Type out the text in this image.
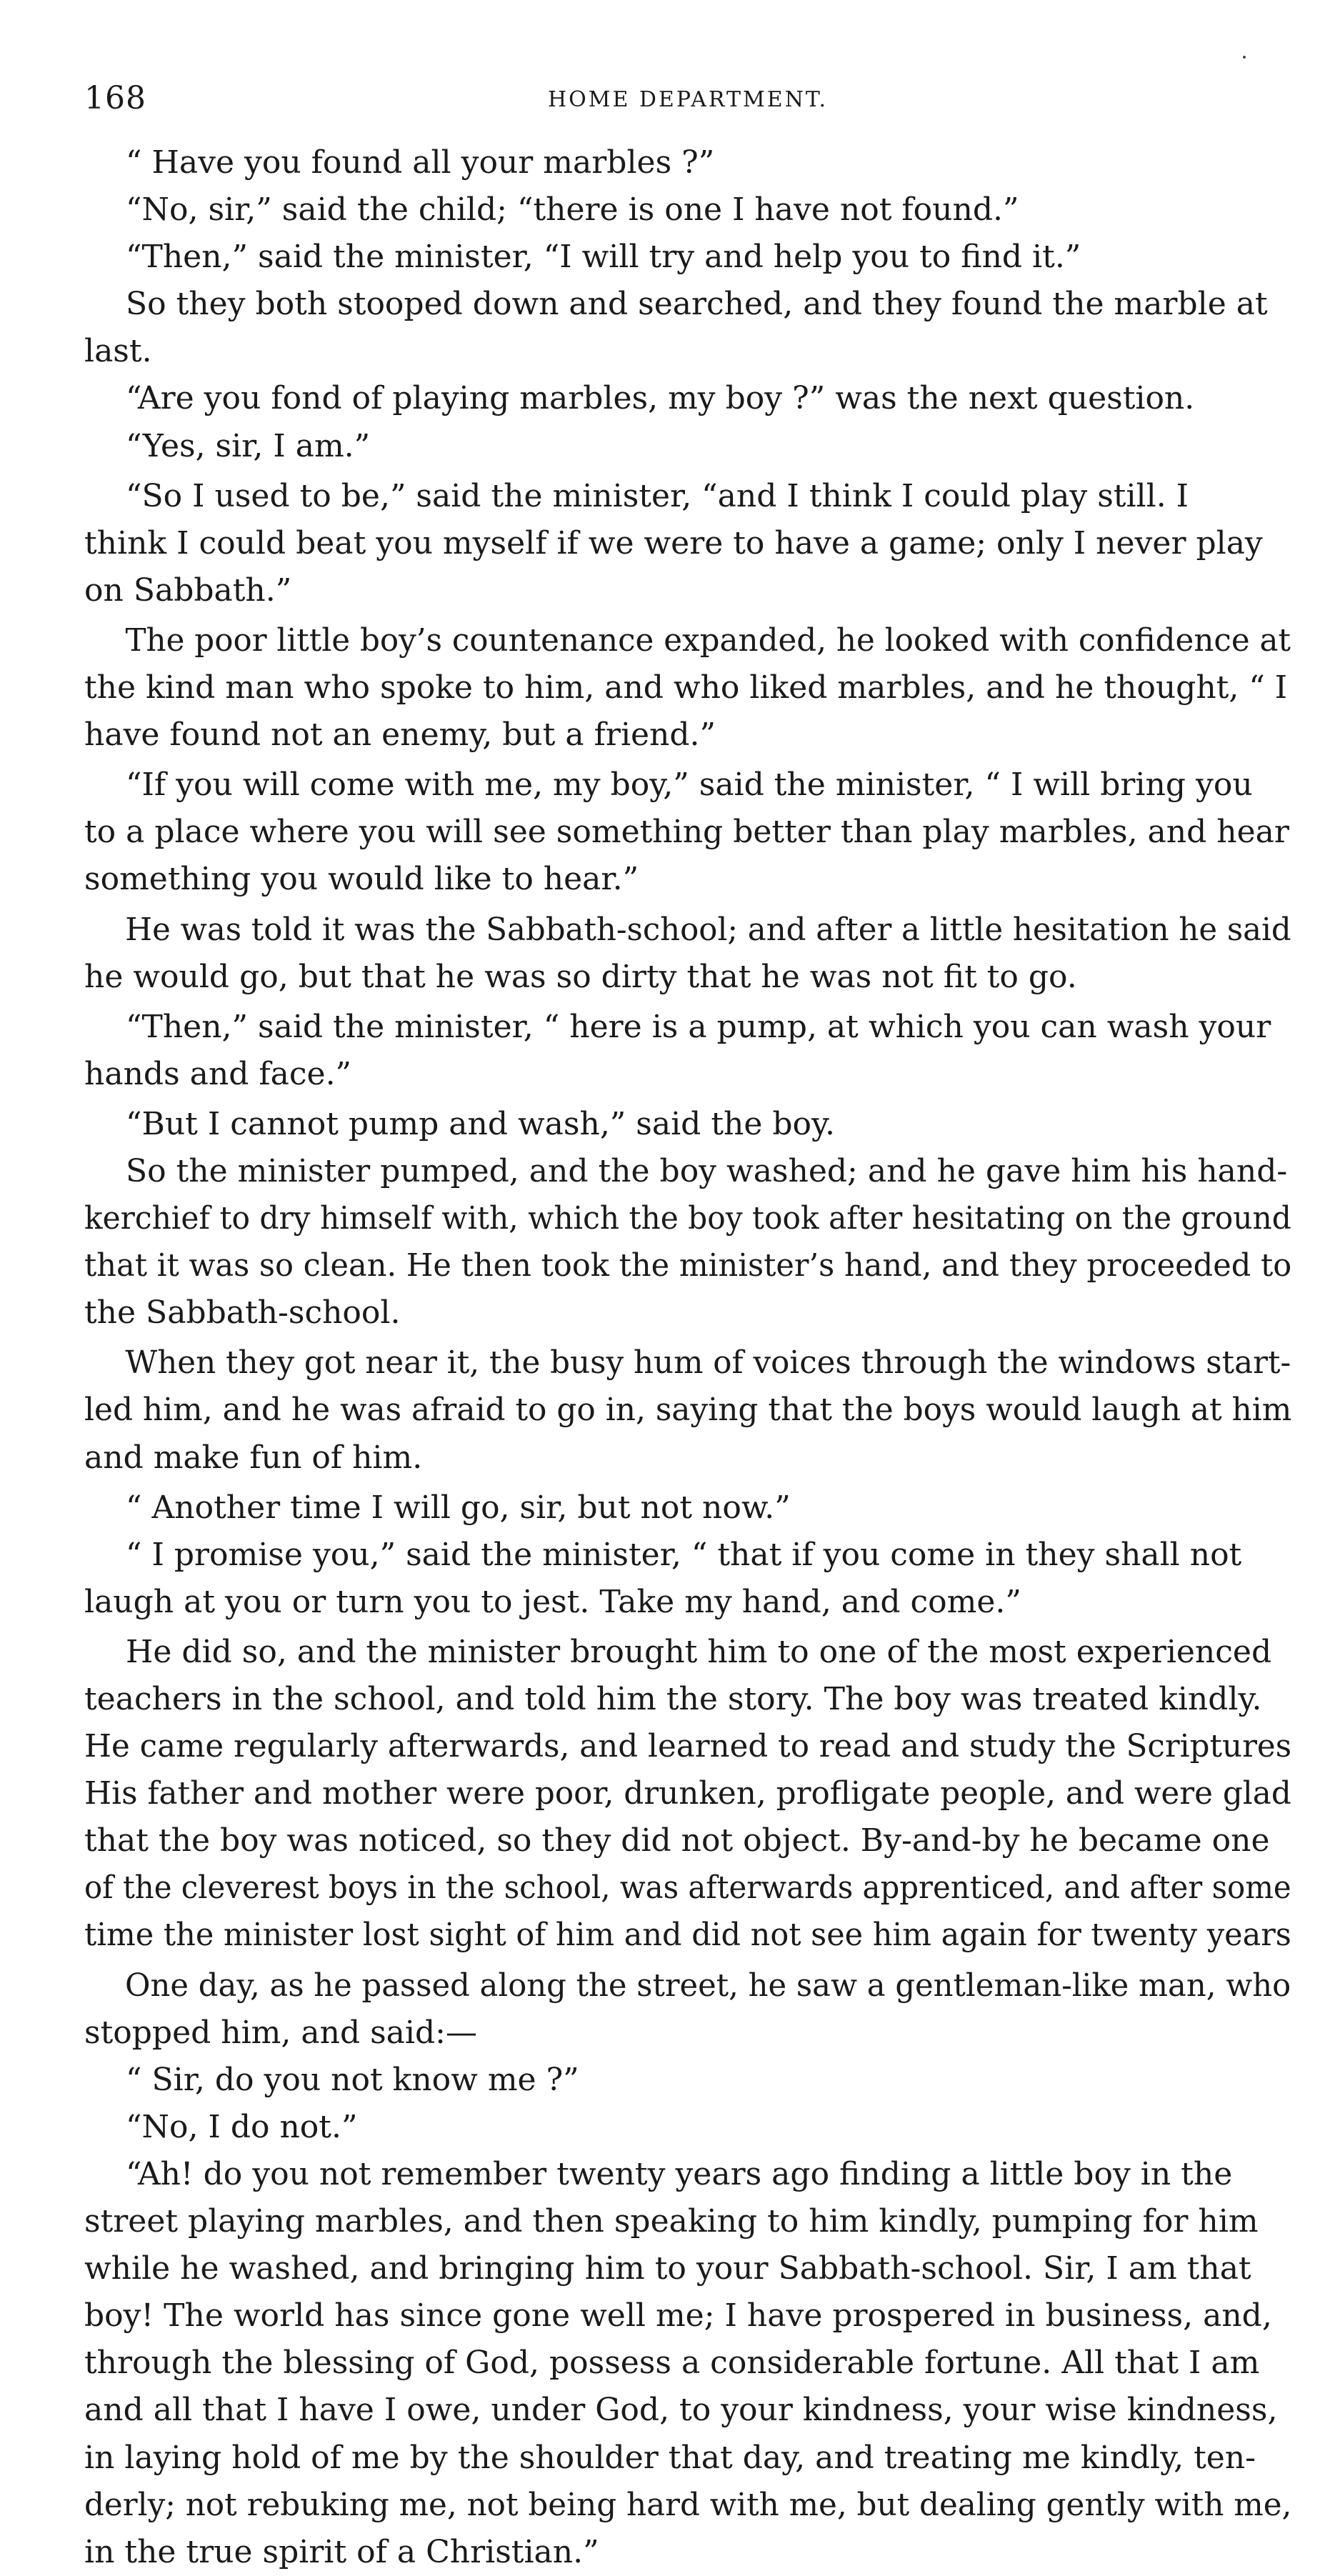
168	HOME DEPARTMENT.
“ Have you found all your marbles ?”
“No, sir,” said the child; “there is one I have not found.”
“Then,” said the minister, “I will try and help you to find it.”
So they both stooped down and searched, and they found the marble at
last.
“Are you fond of playing marbles, my boy ?” was the next question.
“Yes, sir, I am.”
“So I used to be,” said the minister, “and I think I could play still. I
think I could beat you myself if we were to have a game; only I never play
on Sabbath.”
The poor little boy’s countenance expanded, he looked with confidence at
the kind man who spoke to him, and who liked marbles, and he thought, “ I
have found not an enemy, but a friend.”
“If you will come with me, my boy,” said the minister, “ I will bring you
to a place where you will see something better than play marbles, and hear
something you would like to hear.”
He was told it was the Sabbath-school; and after a little hesitation he said
he would go, but that he was so dirty that he was not fit to go.
“Then,” said the minister, “ here is a pump, at which you can wash your
hands and face.”
“But I cannot pump and wash,” said the boy.
So the minister pumped, and the boy washed; and he gave him his hand-
kerchief to dry himself with, which the boy took after hesitating on the ground
that it was so clean. He then took the minister’s hand, and they proceeded to
the Sabbath-school.
When they got near it, the busy hum of voices through the windows start-
led him, and he was afraid to go in, saying that the boys would laugh at him
and make fun of him.
“ Another time I will go, sir, but not now.”
“ I promise you,” said the minister, “ that if you come in they shall not
laugh at you or turn you to jest. Take my hand, and come.”
He did so, and the minister brought him to one of the most experienced
teachers in the school, and told him the story. The boy was treated kindly.
He came regularly afterwards, and learned to read and study the Scriptures
His father and mother were poor, drunken, profligate people, and were glad
that the boy was noticed, so they did not object. By-and-by he became one
of the cleverest boys in the school, was afterwards apprenticed, and after some
time the minister lost sight of him and did not see him again for twenty years
One day, as he passed along the street, he saw a gentleman-like man, who
stopped him, and said:—
“ Sir, do you not know me ?”
“No, I do not.”
“Ah! do you not remember twenty years ago finding a little boy in the
street playing marbles, and then speaking to him kindly, pumping for him
while he washed, and bringing him to your Sabbath-school. Sir, I am that
boy! The world has since gone well me; I have prospered in business, and,
through the blessing of God, possess a considerable fortune. All that I am
and all that I have I owe, under God, to your kindness, your wise kindness,
in laying hold of me by the shoulder that day, and treating me kindly, ten-
derly; not rebuking me, not being hard with me, but dealing gently with me,
in the true spirit of a Christian.”
